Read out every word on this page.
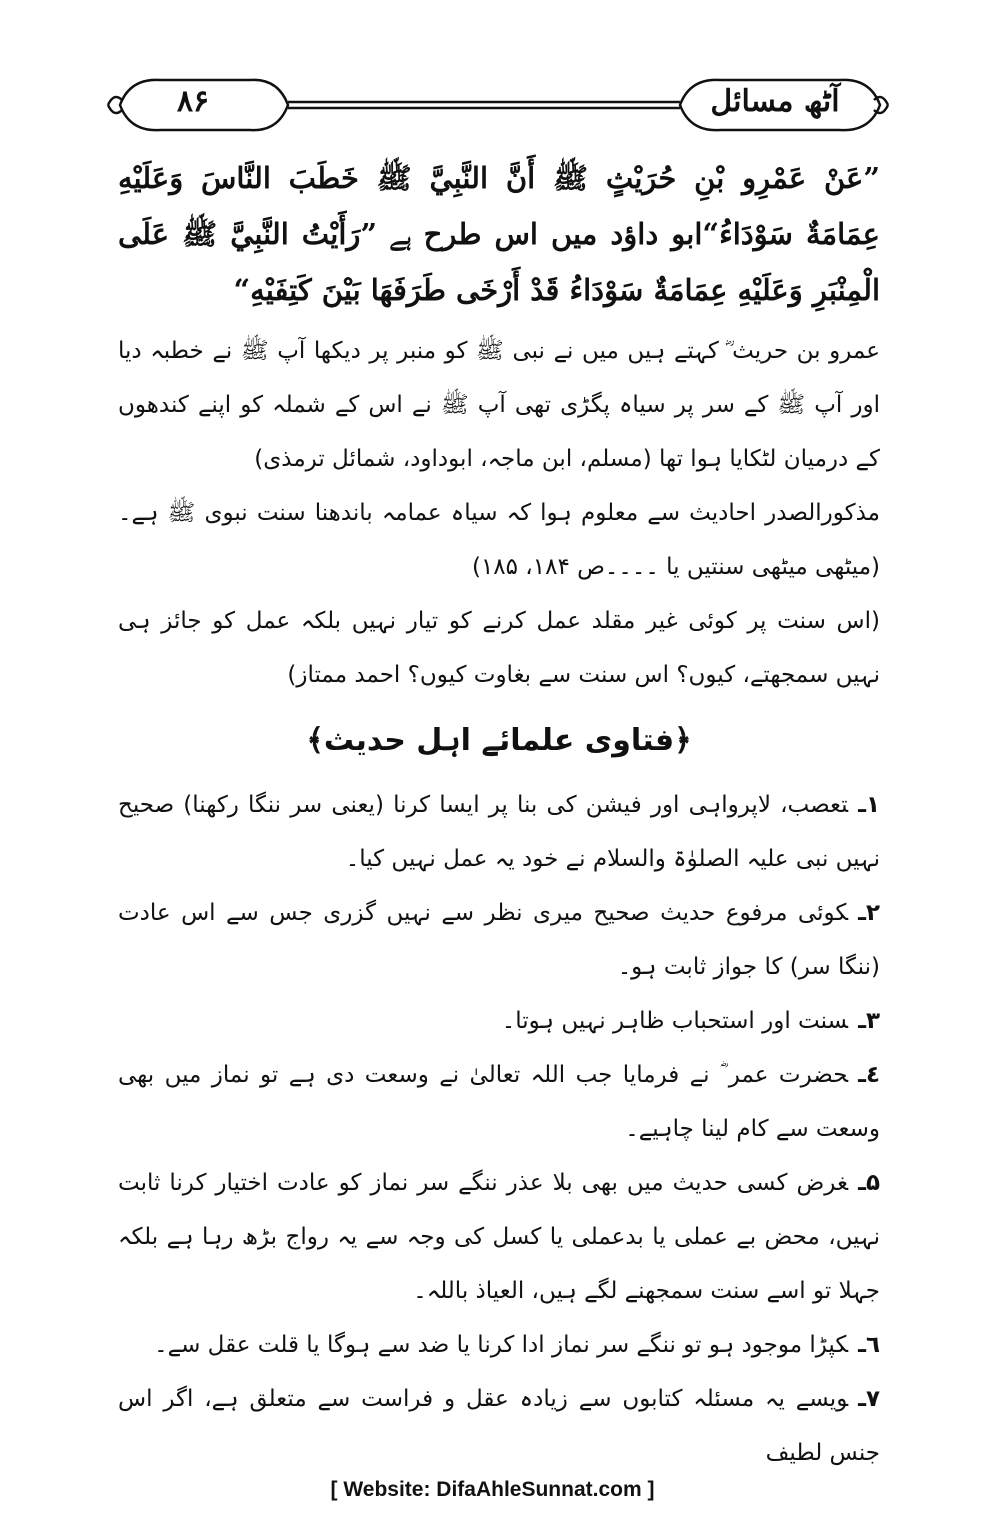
۸۶	آٹھ مسائل

”عَنْ عَمْرِو بْنِ حُرَيْثٍ ﷺ أَنَّ النَّبِيَّ ﷺ خَطَبَ النَّاسَ وَعَلَيْهِ عِمَامَةٌ سَوْدَاءُ“ابو داؤد میں اس طرح ہے ”رَأَيْتُ النَّبِيَّ ﷺ عَلَى الْمِنْبَرِ وَعَلَيْهِ عِمَامَةٌ سَوْدَاءُ قَدْ أَرْخَى طَرَفَهَا بَيْنَ كَتِفَيْهِ“

عمرو بن حریث ؓ کہتے ہیں میں نے نبی ﷺ کو منبر پر دیکھا آپ ﷺ نے خطبہ دیا اور آپ ﷺ کے سر پر سیاہ پگڑی تھی آپ ﷺ نے اس کے شملہ کو اپنے کندھوں کے درمیان لٹکایا ہوا تھا (مسلم، ابن ماجہ، ابوداود، شمائل ترمذی)

مذکورالصدر احادیث سے معلوم ہوا کہ سیاہ عمامہ باندھنا سنت نبوی ﷺ ہے۔ (میٹھی میٹھی سنتیں یا ۔۔۔۔ص ۱۸۴، ۱۸۵)

(اس سنت پر کوئی غیر مقلد عمل کرنے کو تیار نہیں بلکہ عمل کو جائز ہی نہیں سمجھتے، کیوں؟ اس سنت سے بغاوت کیوں؟ احمد ممتاز)

﴿فتاوی علمائے اہل حدیث﴾

۱ـتعصب، لاپرواہی اور فیشن کی بنا پر ایسا کرنا (یعنی سر ننگا رکھنا) صحیح نہیں نبی علیہ الصلوٰۃ والسلام نے خود یہ عمل نہیں کیا۔

۲ـکوئی مرفوع حدیث صحیح میری نظر سے نہیں گزری جس سے اس عادت (ننگا سر) کا جواز ثابت ہو۔

۳ـسنت اور استحباب ظاہر نہیں ہوتا۔

٤ـحضرت عمر ؓ نے فرمایا جب اللہ تعالیٰ نے وسعت دی ہے تو نماز میں بھی وسعت سے کام لینا چاہیے۔

۵ـغرض کسی حدیث میں بھی بلا عذر ننگے سر نماز کو عادت اختیار کرنا ثابت نہیں، محض بے عملی یا بدعملی یا کسل کی وجہ سے یہ رواج بڑھ رہا ہے بلکہ جہلا تو اسے سنت سمجھنے لگے ہیں، العیاذ باللہ۔

٦ـکپڑا موجود ہو تو ننگے سر نماز ادا کرنا یا ضد سے ہوگا یا قلت عقل سے۔

۷ـویسے یہ مسئلہ کتابوں سے زیادہ عقل و فراست سے متعلق ہے، اگر اس جنس لطیف

[ Website: DifaAhleSunnat.com ]
